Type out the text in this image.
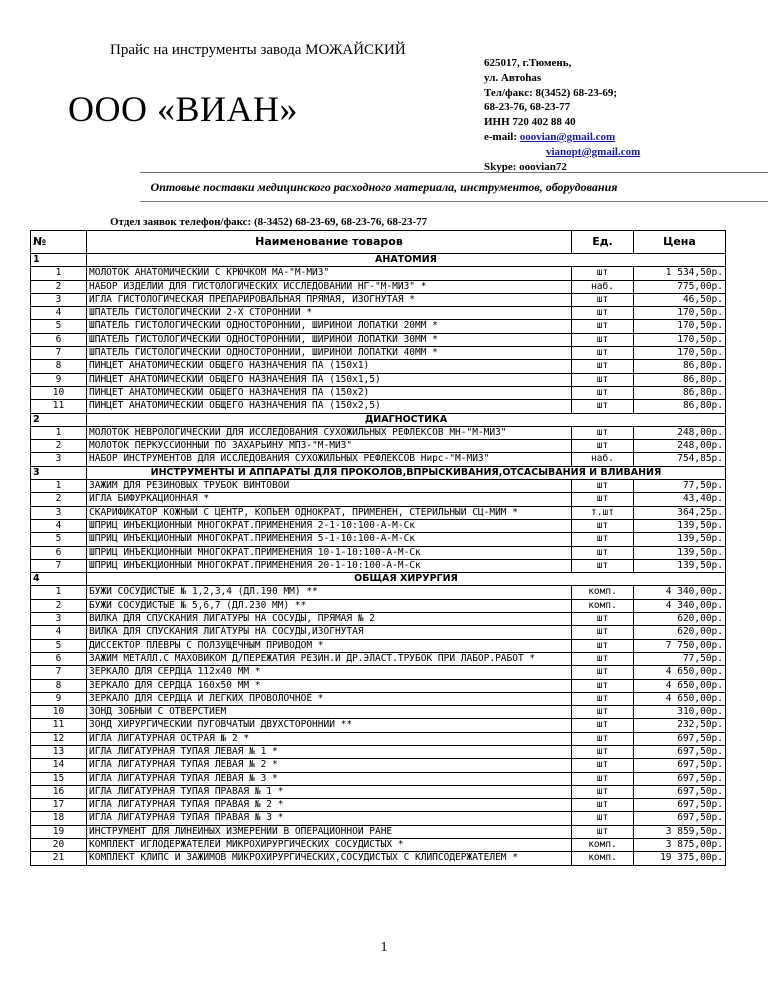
Прайс на инструменты завода МОЖАЙСКИЙ
ООО «ВИАН»
625017, г.Тюмень,
ул. Автоhas
Тел/факс: 8(3452) 68-23-69;
68-23-76, 68-23-77
ИНН 720 402 88 40
e-mail: ooovian@gmail.com
vianopt@gmail.com
Skype: ooovian72
Оптовые поставки медицинского расходного материала, инструментов, оборудования
Отдел заявок телефон/факс: (8-3452) 68-23-69, 68-23-76, 68-23-77
№	Наименование товаров	Ед.	Цена
1	АНАТОМИЯ		
1	МОЛОТОК АНАТОМИЧЕСКИЙ С КРЮЧКОМ МА-"М-МИЗ"	шт	1 534,50р.
2	НАБОР ИЗДЕЛИЙ ДЛЯ ГИСТОЛОГИЧЕСКИХ ИССЛЕДОВАНИЙ НГ-"М-МИЗ" *	наб.	775,00р.
3	ИГЛА ГИСТОЛОГИЧЕСКАЯ ПРЕПАРИРОВАЛЬНАЯ ПРЯМАЯ, ИЗОГНУТАЯ *	шт	46,50р.
4	ШПАТЕЛЬ ГИСТОЛОГИЧЕСКИЙ 2-Х СТОРОННИЙ *	шт	170,50р.
5	ШПАТЕЛЬ ГИСТОЛОГИЧЕСКИЙ ОДНОСТОРОННИЙ, ШИРИНОЙ ЛОПАТКИ 20ММ *	шт	170,50р.
6	ШПАТЕЛЬ ГИСТОЛОГИЧЕСКИЙ ОДНОСТОРОННИЙ, ШИРИНОЙ ЛОПАТКИ 30ММ *	шт	170,50р.
7	ШПАТЕЛЬ ГИСТОЛОГИЧЕСКИЙ ОДНОСТОРОННИЙ, ШИРИНОЙ ЛОПАТКИ 40ММ *	шт	170,50р.
8	ПИНЦЕТ АНАТОМИЧЕСКИЙ ОБЩЕГО НАЗНАЧЕНИЯ ПА (150х1)	шт	86,80р.
9	ПИНЦЕТ АНАТОМИЧЕСКИЙ ОБЩЕГО НАЗНАЧЕНИЯ ПА (150х1,5)	шт	86,80р.
10	ПИНЦЕТ АНАТОМИЧЕСКИЙ ОБЩЕГО НАЗНАЧЕНИЯ ПА (150х2)	шт	86,80р.
11	ПИНЦЕТ АНАТОМИЧЕСКИЙ ОБЩЕГО НАЗНАЧЕНИЯ ПА (150х2,5)	шт	86,80р.
2	ДИАГНОСТИКА		
1	МОЛОТОК НЕВРОЛОГИЧЕСКИЙ ДЛЯ ИССЛЕДОВАНИЯ СУХОЖИЛЬНЫХ РЕФЛЕКСОВ МН-"М-МИЗ"	шт	248,00р.
2	МОЛОТОК ПЕРКУССИОННЫЙ ПО ЗАХАРЬИНУ МПЗ-"М-МИЗ"	шт	248,00р.
3	НАБОР ИНСТРУМЕНТОВ ДЛЯ ИССЛЕДОВАНИЯ СУХОЖИЛЬНЫХ РЕФЛЕКСОВ Нирс-"М-МИЗ"	наб.	754,85р.
3	ИНСТРУМЕНТЫ И АППАРАТЫ ДЛЯ ПРОКОЛОВ,ВПРЫСКИВАНИЯ,ОТСАСЫВАНИЯ И ВЛИВАНИЯ		
1	ЗАЖИМ ДЛЯ РЕЗИНОВЫХ ТРУБОК ВИНТОВОЙ	шт	77,50р.
2	ИГЛА БИФУРКАЦИОННАЯ *	шт	43,40р.
3	СКАРИФИКАТОР КОЖНЫЙ С ЦЕНТР, КОПЬЕМ ОДНОКРАТ, ПРИМЕНЕН, СТЕРИЛЬНЫЙ СЦ-МИМ *	т.шт	364,25р.
4	ШПРИЦ ИНЪЕКЦИОННЫЙ МНОГОКРАТ.ПРИМЕНЕНИЯ 2-1-10:100-А-М-Ск	шт	139,50р.
5	ШПРИЦ ИНЪЕКЦИОННЫЙ МНОГОКРАТ.ПРИМЕНЕНИЯ 5-1-10:100-А-М-Ск	шт	139,50р.
6	ШПРИЦ ИНЪЕКЦИОННЫЙ МНОГОКРАТ.ПРИМЕНЕНИЯ 10-1-10:100-А-М-Ск	шт	139,50р.
7	ШПРИЦ ИНЪЕКЦИОННЫЙ МНОГОКРАТ.ПРИМЕНЕНИЯ 20-1-10:100-А-М-Ск	шт	139,50р.
4	ОБЩАЯ ХИРУРГИЯ		
1	БУЖИ СОСУДИСТЫЕ № 1,2,3,4 (ДЛ.190 ММ) **	комп.	4 340,00р.
2	БУЖИ СОСУДИСТЫЕ № 5,6,7 (ДЛ.230 ММ) **	комп.	4 340,00р.
3	ВИЛКА ДЛЯ СПУСКАНИЯ ЛИГАТУРЫ НА СОСУДЫ, ПРЯМАЯ № 2	шт	620,00р.
4	ВИЛКА ДЛЯ СПУСКАНИЯ ЛИГАТУРЫ НА СОСУДЫ,ИЗОГНУТАЯ	шт	620,00р.
5	ДИССЕКТОР ПЛЕВРЫ С ПОЛЗУЩЕЧНЫМ ПРИВОДОМ *	шт	7 750,00р.
6	ЗАЖИМ МЕТАЛЛ.С МАХОВИКОМ Д/ПЕРЕЖАТИЯ РЕЗИН.И ДР.ЭЛАСТ.ТРУБОК ПРИ ЛАБОР.РАБОТ *	шт	77,50р.
7	ЗЕРКАЛО ДЛЯ СЕРДЦА 112х40 ММ *	шт	4 650,00р.
8	ЗЕРКАЛО ДЛЯ СЕРДЦА 160х50 ММ *	шт	4 650,00р.
9	ЗЕРКАЛО ДЛЯ СЕРДЦА И ЛЕГКИХ ПРОВОЛОЧНОЕ *	шт	4 650,00р.
10	ЗОНД ЗОБНЫЙ С ОТВЕРСТИЕМ	шт	310,00р.
11	ЗОНД ХИРУРГИЧЕСКИЙ ПУГОВЧАТЫЙ ДВУХСТОРОННИЙ **	шт	232,50р.
12	ИГЛА ЛИГАТУРНАЯ ОСТРАЯ № 2 *	шт	697,50р.
13	ИГЛА ЛИГАТУРНАЯ ТУПАЯ ЛЕВАЯ № 1 *	шт	697,50р.
14	ИГЛА ЛИГАТУРНАЯ ТУПАЯ ЛЕВАЯ № 2 *	шт	697,50р.
15	ИГЛА ЛИГАТУРНАЯ ТУПАЯ ЛЕВАЯ № 3 *	шт	697,50р.
16	ИГЛА ЛИГАТУРНАЯ ТУПАЯ ПРАВАЯ № 1 *	шт	697,50р.
17	ИГЛА ЛИГАТУРНАЯ ТУПАЯ ПРАВАЯ № 2 *	шт	697,50р.
18	ИГЛА ЛИГАТУРНАЯ ТУПАЯ ПРАВАЯ № 3 *	шт	697,50р.
19	ИНСТРУМЕНТ ДЛЯ ЛИНЕЙНЫХ ИЗМЕРЕНИЙ В ОПЕРАЦИОННОЙ РАНЕ	шт	3 859,50р.
20	КОМПЛЕКТ ИГЛОДЕРЖАТЕЛЕЙ МИКРОХИРУРГИЧЕСКИХ СОСУДИСТЫХ *	комп.	3 875,00р.
21	КОМПЛЕКТ КЛИПС И ЗАЖИМОВ МИКРОХИРУРГИЧЕСКИХ,СОСУДИСТЫХ С КЛИПСОДЕРЖАТЕЛЕМ *	комп.	19 375,00р.
1
